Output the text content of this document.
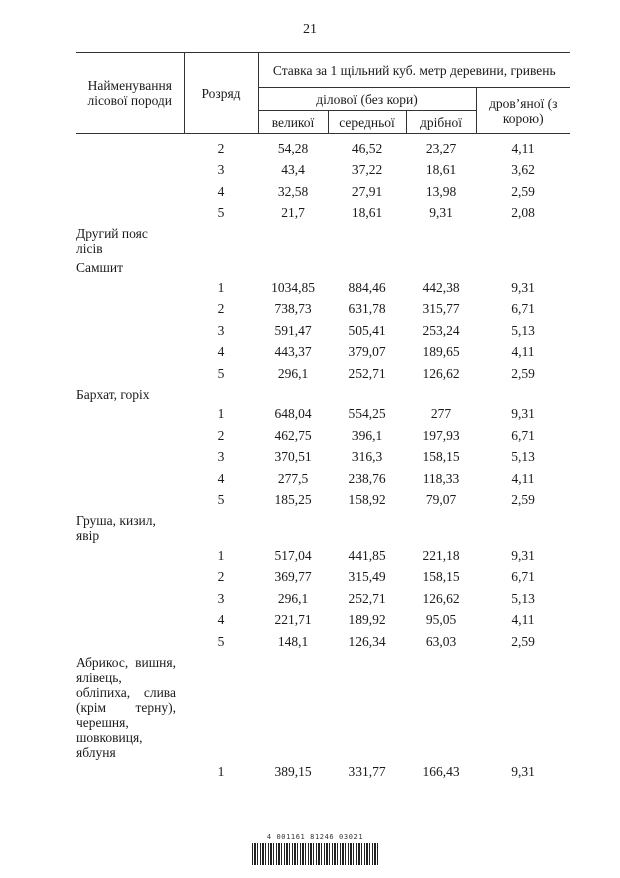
21
Найменування лісової породи	Розряд	Ставка за 1 щільний куб. метр деревини, гривень			
		ділової (без кори)			дров’яної (з корою)
		великої	середньої	дрібної	
	2	54,28	46,52	23,27	4,11
	3	43,4	37,22	18,61	3,62
	4	32,58	27,91	13,98	2,59
	5	21,7	18,61	9,31	2,08

Другий пояс лісів					

Самшит					

	1	1034,85	884,46	442,38	9,31
	2	738,73	631,78	315,77	6,71
	3	591,47	505,41	253,24	5,13
	4	443,37	379,07	189,65	4,11
	5	296,1	252,71	126,62	2,59

Бархат, горіх					

	1	648,04	554,25	277	9,31
	2	462,75	396,1	197,93	6,71
	3	370,51	316,3	158,15	5,13
	4	277,5	238,76	118,33	4,11
	5	185,25	158,92	79,07	2,59

Груша, кизил, явір					

	1	517,04	441,85	221,18	9,31
	2	369,77	315,49	158,15	6,71
	3	296,1	252,71	126,62	5,13
	4	221,71	189,92	95,05	4,11
	5	148,1	126,34	63,03	2,59

Абрикос, вишня, ялівець, обліпиха, слива (крім терну), черешня, шовковиця, яблуня					

	1	389,15	331,77	166,43	9,31
4 001161 81246 03021
